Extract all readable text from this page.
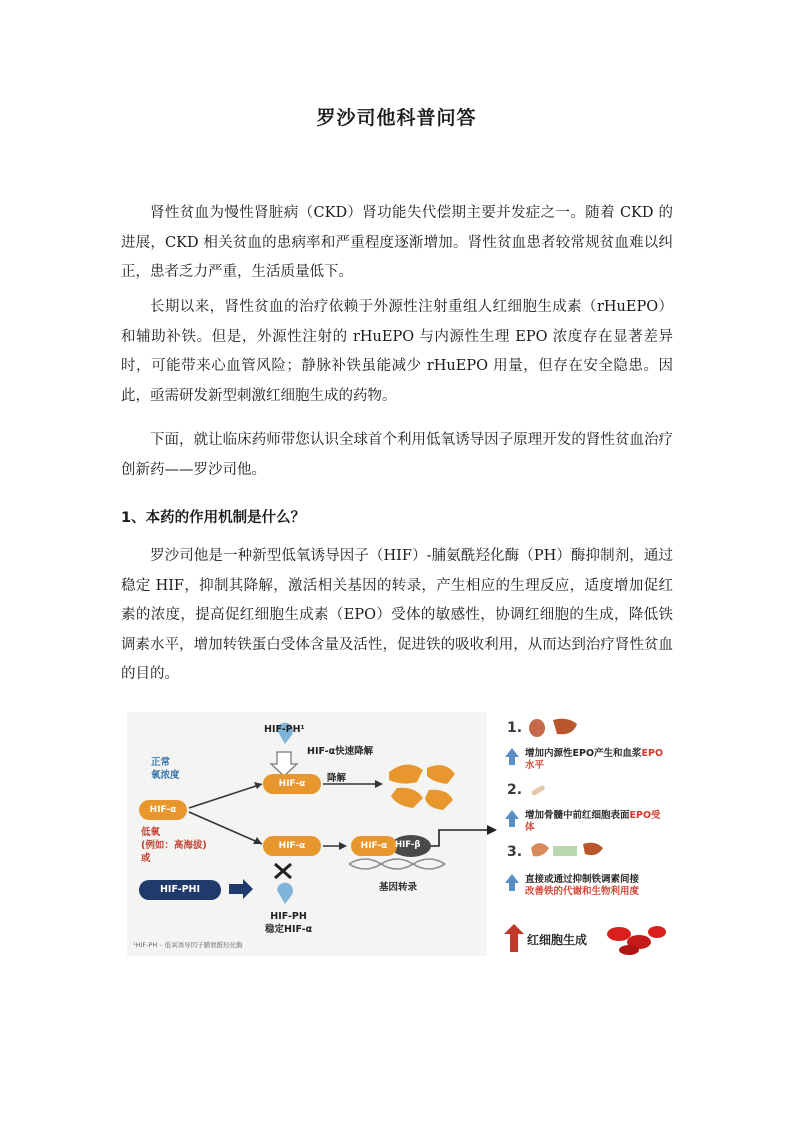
罗沙司他科普问答

肾性贫血为慢性肾脏病（CKD）肾功能失代偿期主要并发症之一。随着 CKD 的进展，CKD 相关贫血的患病率和严重程度逐渐增加。肾性贫血患者较常规贫血难以纠正，患者乏力严重，生活质量低下。

长期以来，肾性贫血的治疗依赖于外源性注射重组人红细胞生成素（rHuEPO）和辅助补铁。但是，外源性注射的 rHuEPO 与内源性生理 EPO 浓度存在显著差异时，可能带来心血管风险；静脉补铁虽能减少 rHuEPO 用量，但存在安全隐患。因此，亟需研发新型刺激红细胞生成的药物。

下面，就让临床药师带您认识全球首个利用低氧诱导因子原理开发的肾性贫血治疗创新药——罗沙司他。

1、本药的作用机制是什么？

罗沙司他是一种新型低氧诱导因子（HIF）-脯氨酰羟化酶（PH）酶抑制剂，通过稳定 HIF，抑制其降解，激活相关基因的转录，产生相应的生理反应，适度增加促红素的浓度，提高促红细胞生成素（EPO）受体的敏感性，协调红细胞的生成，降低铁调素水平，增加转铁蛋白受体含量及活性，促进铁的吸收利用，从而达到治疗肾性贫血的目的。

HIF-PH¹
HIF-α快速降解
正常
氧浓度	降解
HIF-α
HIF-α
HIF-α	HIF-α HIF-β
低氧
(例如：高海拔)
或
HIF-PHI	基因转录
HIF-PH
稳定HIF-α
¹HIF-PH – 低氧诱导因子脯氨酰羟化酶
1.
增加内源性EPO产生和血浆EPO水平
2.
增加骨髓中前红细胞表面EPO受体
3.
直接或通过抑制铁调素间接
改善铁的代谢和生物利用度
红细胞生成
